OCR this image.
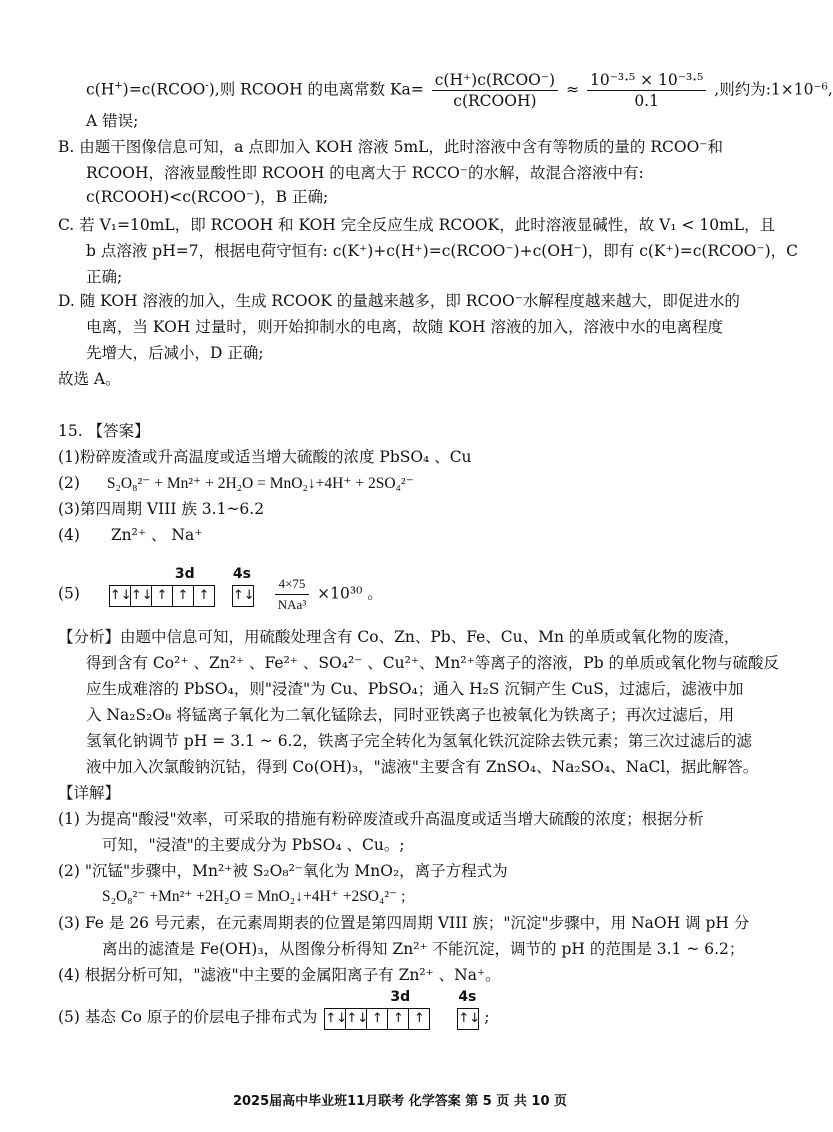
c(H+)=c(RCOO-),则 RCOOH 的电离常数 $Ka= \frac{\text{c(H⁺)c(RCOO⁻)}}{\text{c(RCOOH)}} \approx \frac{\text{10⁻³·⁵ × 10⁻³·⁵}}{0.1}$ ,则约为:1×10⁻⁶,
A 错误;
B. 由题干图像信息可知，a 点即加入 KOH 溶液 5mL，此时溶液中含有等物质的量的 RCOO⁻和
RCOOH，溶液显酸性即 RCOOH 的电离大于 RCCO⁻的水解，故混合溶液中有:
c(RCOOH)<c(RCOO⁻)，B 正确;
C. 若 V₁=10mL，即 RCOOH 和 KOH 完全反应生成 RCOOK，此时溶液显碱性，故 V₁ < 10mL，且
b 点溶液 pH=7，根据电荷守恒有: c(K⁺)+c(H⁺)=c(RCOO⁻)+c(OH⁻)，即有 c(K⁺)=c(RCOO⁻)，C
正确;
D. 随 KOH 溶液的加入，生成 RCOOK 的量越来越多，即 RCOO⁻水解程度越来越大，即促进水的
电离，当 KOH 过量时，则开始抑制水的电离，故随 KOH 溶液的加入，溶液中水的电离程度
先增大，后减小，D 正确;
故选 A。
15. 【答案】
(1)粉碎废渣或升高温度或适当增大硫酸的浓度 PbSO₄ 、Cu
(2) S₂O₈²⁻ + Mn²⁺ + 2H₂O = MnO₂↓+4H⁺ + 2SO₄²⁻
(3)第四周期 VIII 族 3.1~6.2
(4) Zn²⁺ 、 Na⁺
(5)
3d
↑↓ ↑↓ ↑ ↑ ↑

4s
↑↓
$\frac{4\times 75}{\text{NAa³}} \times 10^{30}$ 。
【分析】由题中信息可知，用硫酸处理含有 Co、Zn、Pb、Fe、Cu、Mn 的单质或氧化物的废渣，
得到含有 Co²⁺ 、Zn²⁺ 、Fe²⁺ 、SO₄²⁻ 、Cu²⁺、Mn²⁺等离子的溶液，Pb 的单质或氧化物与硫酸反
应生成难溶的 PbSO₄，则"浸渣"为 Cu、PbSO₄；通入 H₂S 沉铜产生 CuS，过滤后，滤液中加
入 Na₂S₂O₈ 将锰离子氧化为二氧化锰除去，同时亚铁离子也被氧化为铁离子；再次过滤后，用
氢氧化钠调节 pH = 3.1 ~ 6.2，铁离子完全转化为氢氧化铁沉淀除去铁元素；第三次过滤后的滤
液中加入次氯酸钠沉钴，得到 Co(OH)₃，"滤液"主要含有 ZnSO₄、Na₂SO₄、NaCl，据此解答。
【详解】
(1) 为提高"酸浸"效率，可采取的措施有粉碎废渣或升高温度或适当增大硫酸的浓度；根据分析
可知，"浸渣"的主要成分为 PbSO₄ 、Cu。;
(2) "沉锰"步骤中，Mn²⁺被 S₂O₈²⁻氧化为 MnO₂，离子方程式为
S₂O₈²⁻ +Mn²⁺ +2H₂O = MnO₂↓+4H⁺ +2SO₄²⁻ ;
(3) Fe 是 26 号元素，在元素周期表的位置是第四周期 VIII 族；"沉淀"步骤中，用 NaOH 调 pH 分
离出的滤渣是 Fe(OH)₃，从图像分析得知 Zn²⁺ 不能沉淀，调节的 pH 的范围是 3.1 ~ 6.2；
(4) 根据分析可知，"滤液"中主要的金属阳离子有 Zn²⁺ 、Na⁺。
(5) 基态 Co 原子的价层电子排布式为
3d
↑↓ ↑↓ ↑ ↑ ↑

4s
↑↓ ;
2025届高中毕业班11月联考 化学答案 第 5 页 共 10 页
